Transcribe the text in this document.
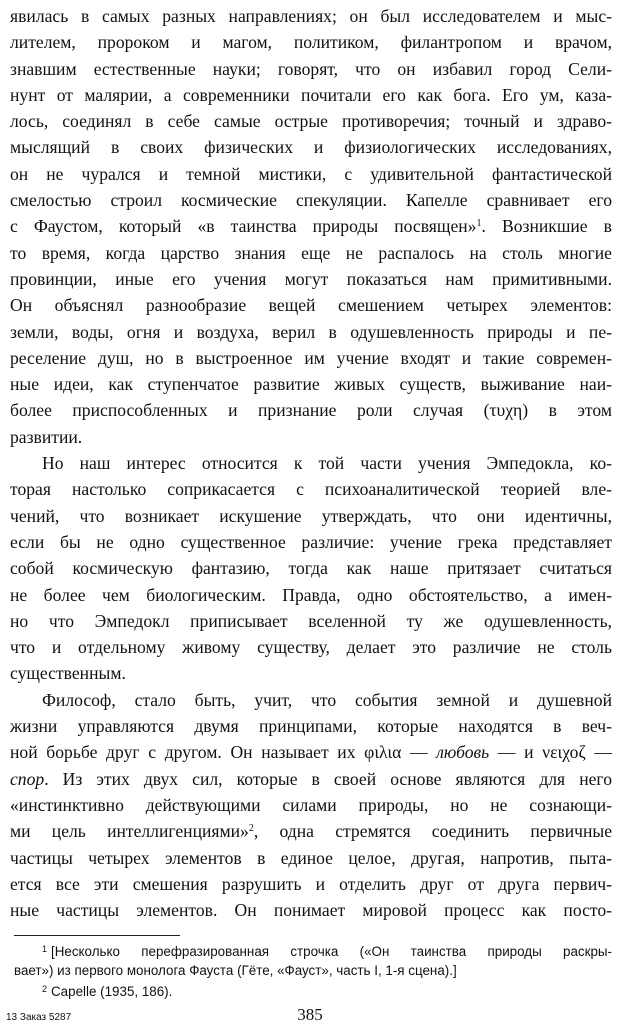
явилась в самых разных направлениях; он был исследователем и мыс-
лителем, пророком и магом, политиком, филантропом и врачом,
знавшим естественные науки; говорят, что он избавил город Сели-
нунт от малярии, а современники почитали его как бога. Его ум, каза-
лось, соединял в себе самые острые противоречия; точный и здраво-
мыслящий в своих физических и физиологических исследованиях,
он не чурался и темной мистики, с удивительной фантастической
смелостью строил космические спекуляции. Капелле сравнивает его
с Фаустом, который «в таинства природы посвящен»$^1$. Возникшие в
то время, когда царство знания еще не распалось на столь многие
провинции, иные его учения могут показаться нам примитивными.
Он объяснял разнообразие вещей смешением четырех элементов:
земли, воды, огня и воздуха, верил в одушевленность природы и пе-
реселение душ, но в выстроенное им учение входят и такие современ-
ные идеи, как ступенчатое развитие живых существ, выживание наи-
более приспособленных и признание роли случая (τυχη) в этом
развитии.
Но наш интерес относится к той части учения Эмпедокла, ко-
торая настолько соприкасается с психоаналитической теорией вле-
чений, что возникает искушение утверждать, что они идентичны,
если бы не одно существенное различие: учение грека представляет
собой космическую фантазию, тогда как наше притязает считаться
не более чем биологическим. Правда, одно обстоятельство, а имен-
но что Эмпедокл приписывает вселенной ту же одушевленность,
что и отдельному живому существу, делает это различие не столь
существенным.
Философ, стало быть, учит, что события земной и душевной
жизни управляются двумя принципами, которые находятся в веч-
ной борьбе друг с другом. Он называет их φιλια — любовь — и νειχοζ —
спор. Из этих двух сил, которые в своей основе являются для него
«инстинктивно действующими силами природы, но не сознающи-
ми цель интеллигенциями»$^2$, одна стремятся соединить первичные
частицы четырех элементов в единое целое, другая, напротив, пыта-
ется все эти смешения разрушить и отделить друг от друга первич-
ные частицы элементов. Он понимает мировой процесс как посто-
$^1$ [Несколько перефразированная строчка («Он таинства природы раскры-
вает») из первого монолога Фауста (Гёте, «Фауст», часть I, 1-я сцена).]
$^2$ Capelle (1935, 186).
13 Заказ 5287	385
